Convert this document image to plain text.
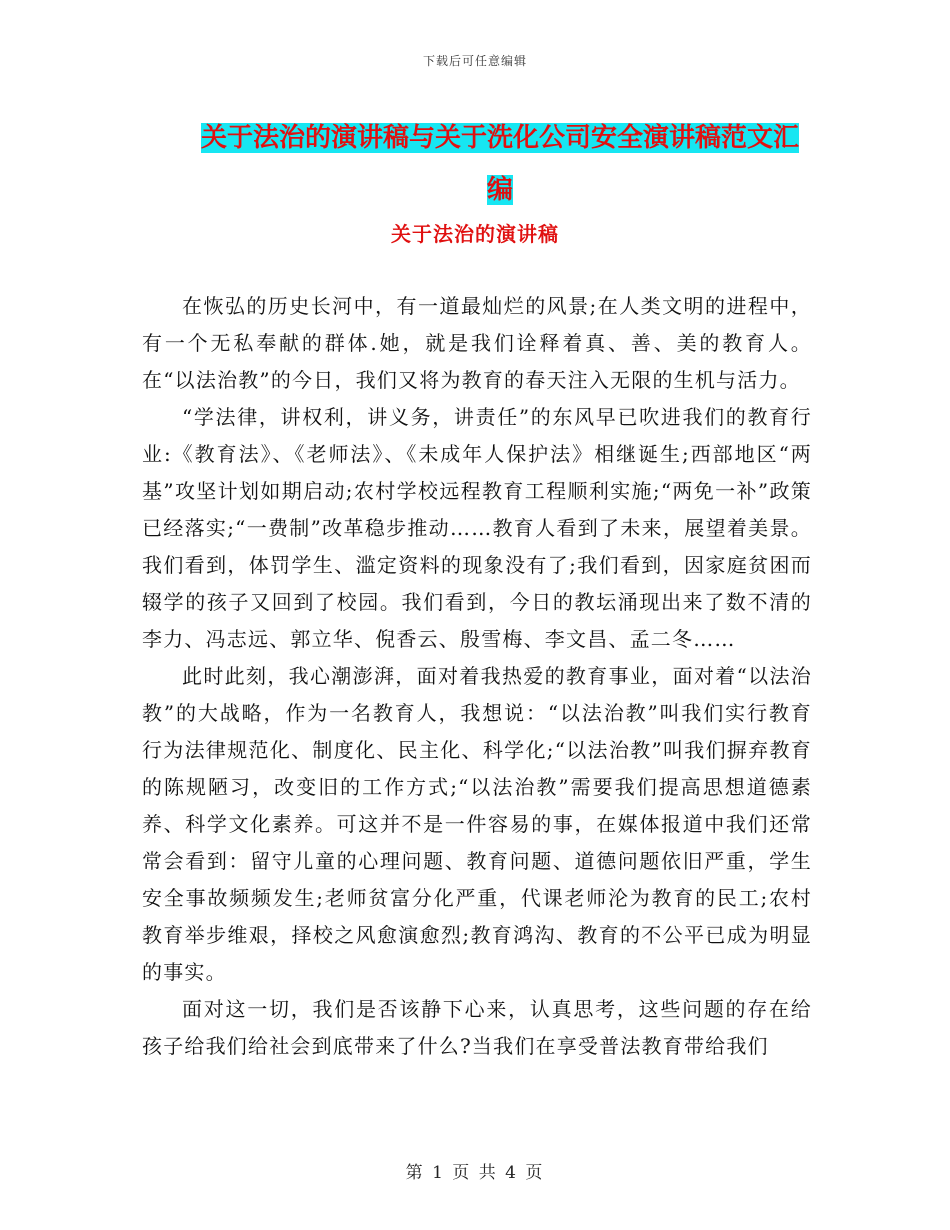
下载后可任意编辑
关于法治的演讲稿与关于洗化公司安全演讲稿范文汇编
关于法治的演讲稿

在恢弘的历史长河中，有一道最灿烂的风景;在人类文明的进程中，有一个无私奉献的群体.她，就是我们诠释着真、善、美的教育人。在“以法治教”的今日，我们又将为教育的春天注入无限的生机与活力。

“学法律，讲权利，讲义务，讲责任”的东风早已吹进我们的教育行业:《教育法》、《老师法》、《未成年人保护法》相继诞生;西部地区“两基”攻坚计划如期启动;农村学校远程教育工程顺利实施;“两免一补”政策已经落实;“一费制”改革稳步推动……教育人看到了未来，展望着美景。我们看到，体罚学生、滥定资料的现象没有了;我们看到，因家庭贫困而辍学的孩子又回到了校园。我们看到，今日的教坛涌现出来了数不清的李力、冯志远、郭立华、倪香云、殷雪梅、李文昌、孟二冬……

此时此刻，我心潮澎湃，面对着我热爱的教育事业，面对着“以法治教”的大战略，作为一名教育人，我想说：“以法治教”叫我们实行教育行为法律规范化、制度化、民主化、科学化;“以法治教”叫我们摒弃教育的陈规陋习，改变旧的工作方式;“以法治教”需要我们提高思想道德素养、科学文化素养。可这并不是一件容易的事，在媒体报道中我们还常常会看到：留守儿童的心理问题、教育问题、道德问题依旧严重，学生安全事故频频发生;老师贫富分化严重，代课老师沦为教育的民工;农村教育举步维艰，择校之风愈演愈烈;教育鸿沟、教育的不公平已成为明显的事实。

面对这一切，我们是否该静下心来，认真思考，这些问题的存在给孩子给我们给社会到底带来了什么?当我们在享受普法教育带给我们

第 1 页 共 4 页
